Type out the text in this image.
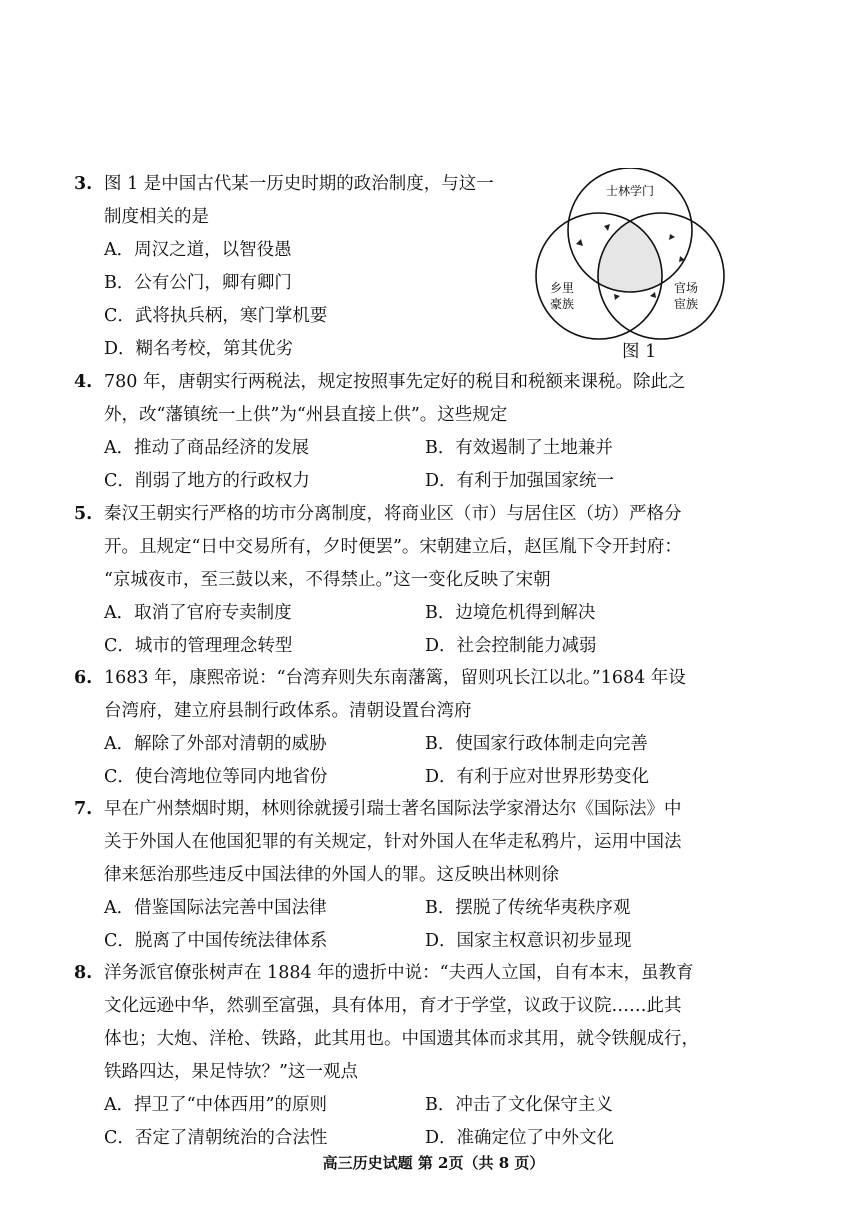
3. 图 1 是中国古代某一历史时期的政治制度，与这一
制度相关的是
A．周汉之道，以智役愚
B．公有公门，卿有卿门
C．武将执兵柄，寒门掌机要
D．糊名考校，第其优劣
士林学门
乡里
豪族
官场
宦族
图 1
4. 780 年，唐朝实行两税法，规定按照事先定好的税目和税额来课税。除此之
外，改“藩镇统一上供”为“州县直接上供”。这些规定
A．推动了商品经济的发展	B．有效遏制了土地兼并
C．削弱了地方的行政权力	D．有利于加强国家统一
5. 秦汉王朝实行严格的坊市分离制度，将商业区（市）与居住区（坊）严格分
开。且规定“日中交易所有，夕时便罢”。宋朝建立后，赵匡胤下令开封府：
“京城夜市，至三鼓以来，不得禁止。”这一变化反映了宋朝
A．取消了官府专卖制度	B．边境危机得到解决
C．城市的管理理念转型	D．社会控制能力减弱
6. 1683 年，康熙帝说：“台湾弃则失东南藩篱，留则巩长江以北。”1684 年设
台湾府，建立府县制行政体系。清朝设置台湾府
A．解除了外部对清朝的威胁	B．使国家行政体制走向完善
C．使台湾地位等同内地省份	D．有利于应对世界形势变化
7. 早在广州禁烟时期，林则徐就援引瑞士著名国际法学家滑达尔《国际法》中
关于外国人在他国犯罪的有关规定，针对外国人在华走私鸦片，运用中国法
律来惩治那些违反中国法律的外国人的罪。这反映出林则徐
A．借鉴国际法完善中国法律	B．摆脱了传统华夷秩序观
C．脱离了中国传统法律体系	D．国家主权意识初步显现
8. 洋务派官僚张树声在 1884 年的遗折中说：“夫西人立国，自有本末，虽教育
文化远逊中华，然驯至富强，具有体用，育才于学堂，议政于议院……此其
体也；大炮、洋枪、铁路，此其用也。中国遗其体而求其用，就令铁舰成行，
铁路四达，果足恃欤？”这一观点
A．捍卫了“中体西用”的原则	B．冲击了文化保守主义
C．否定了清朝统治的合法性	D．准确定位了中外文化
高三历史试题 第 2页（共 8 页）
